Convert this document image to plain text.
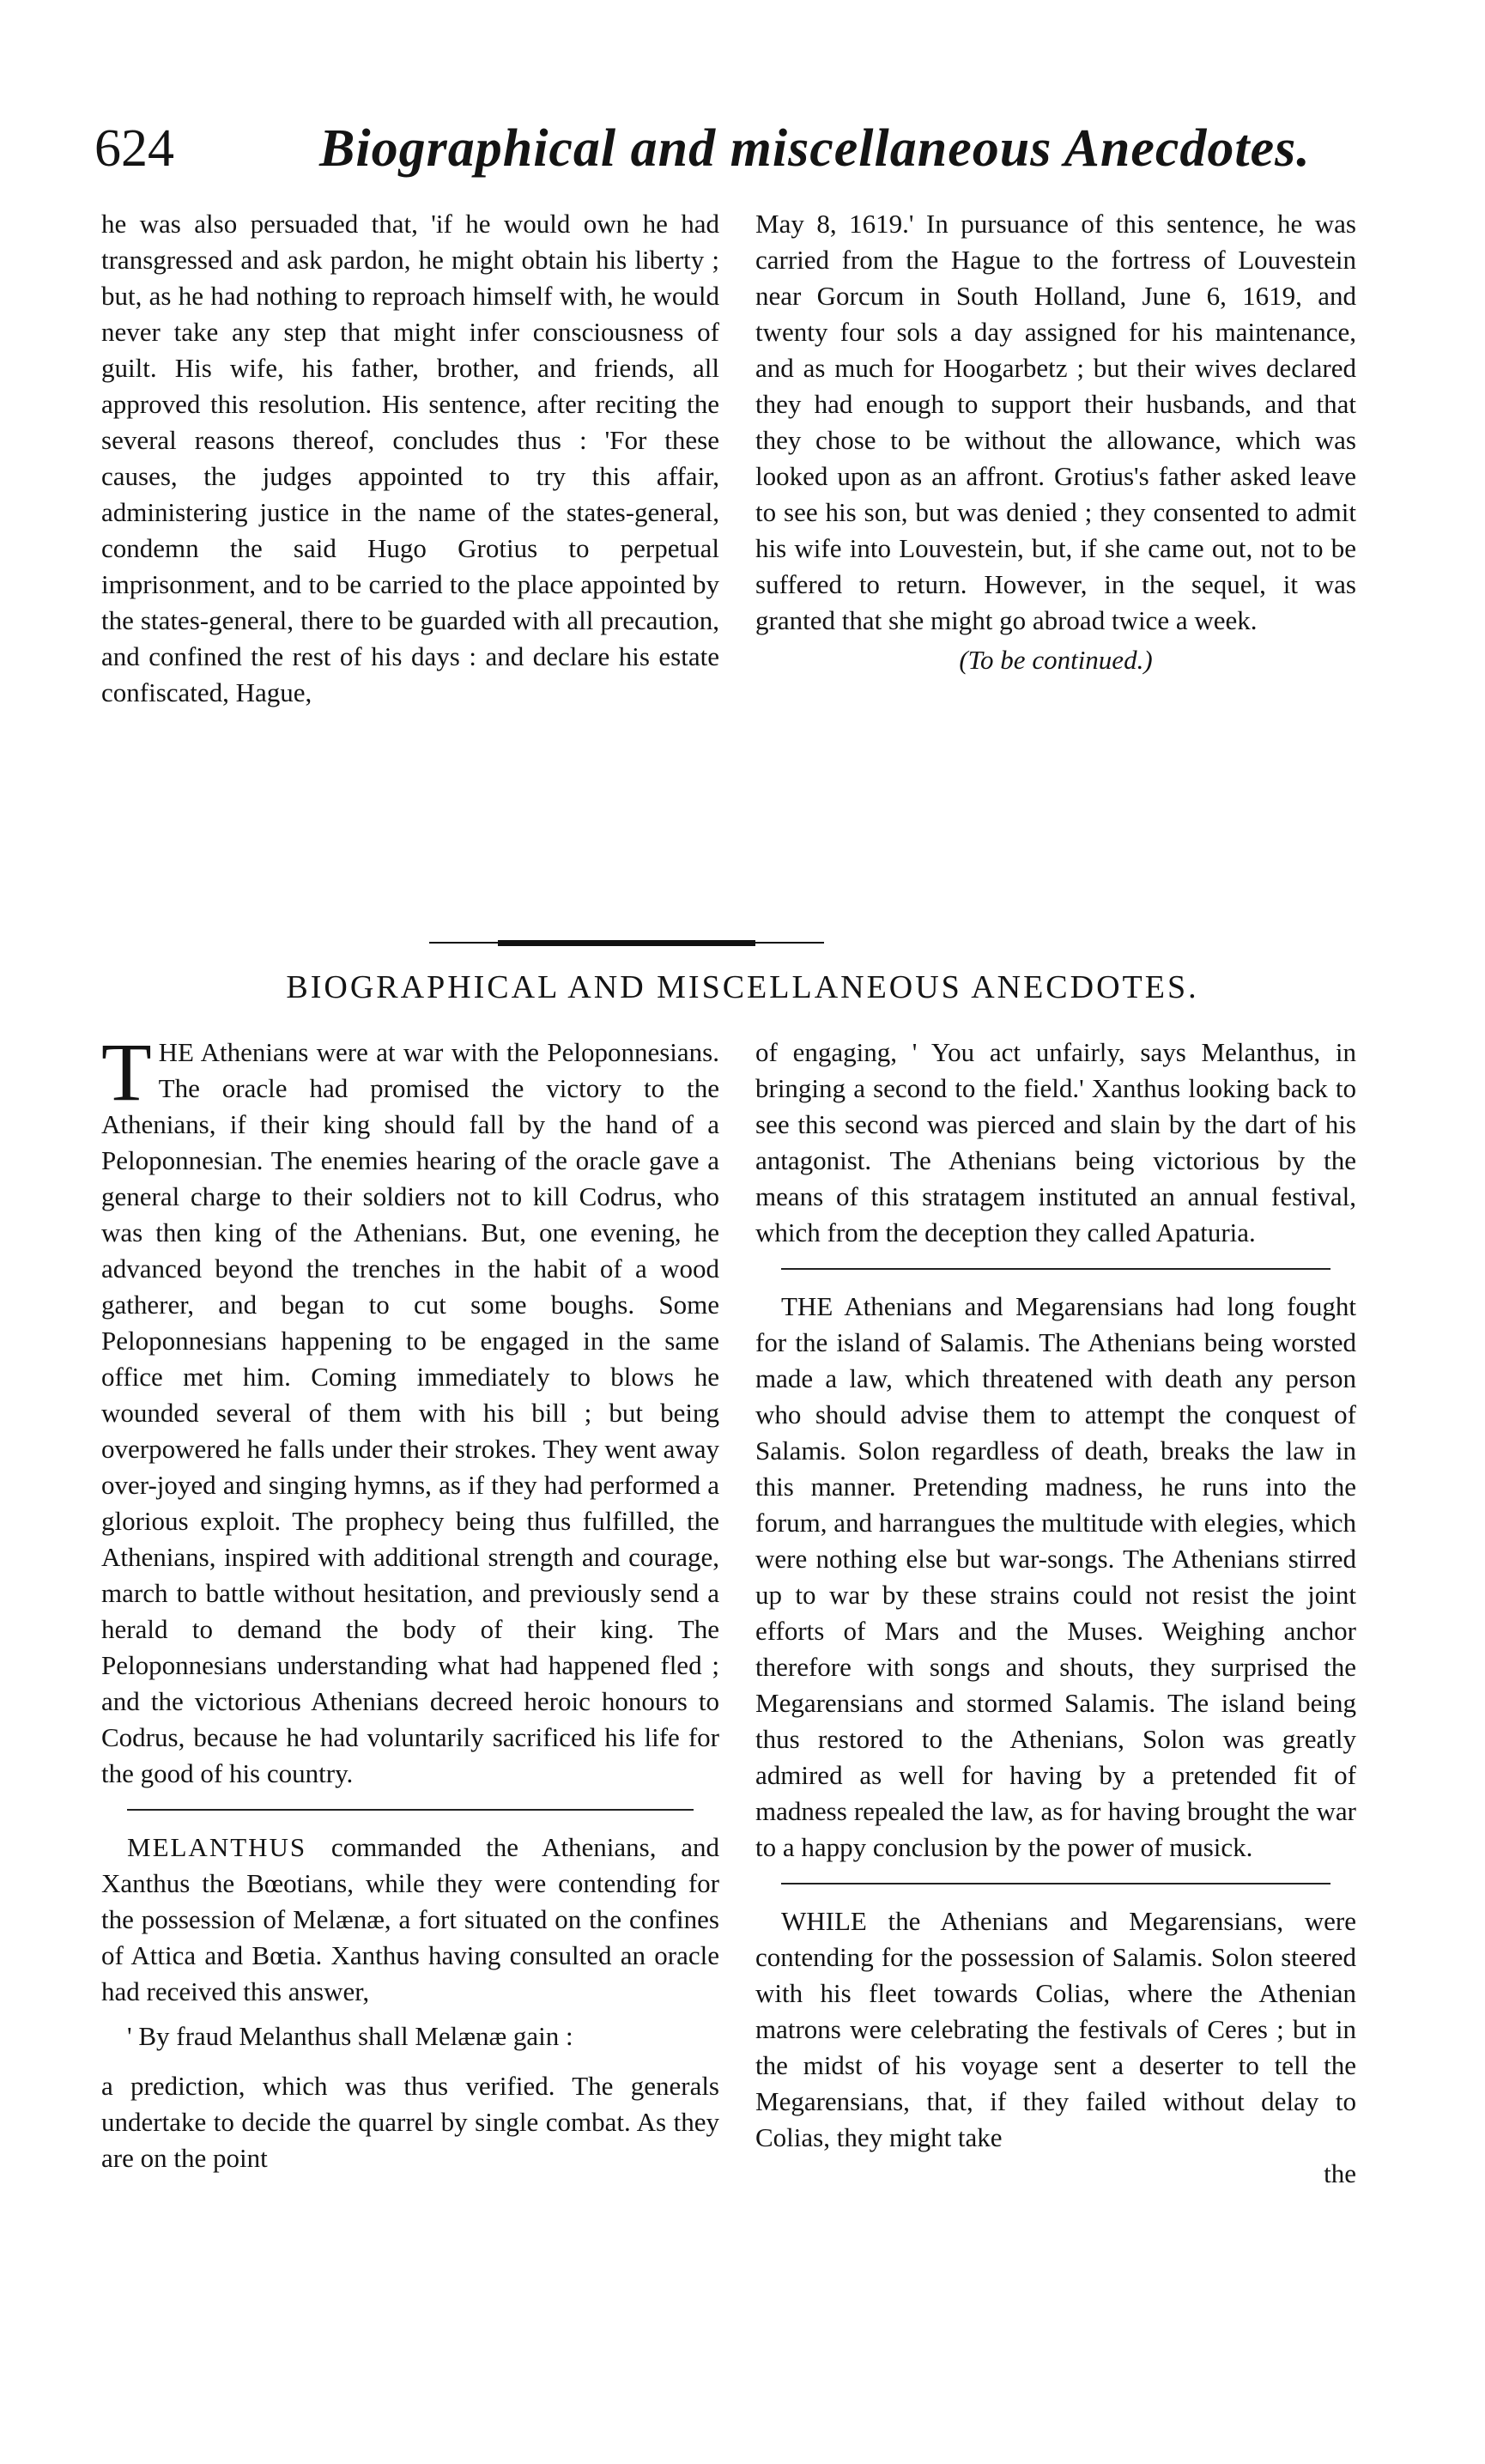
624	Biographical and miscellaneous Anecdotes.

he was also persuaded that, 'if he would own he had transgressed and ask pardon, he might obtain his liberty ; but, as he had nothing to reproach himself with, he would never take any step that might infer consciousness of guilt. His wife, his father, brother, and friends, all approved this resolution. His sentence, after reciting the several reasons thereof, concludes thus : 'For these causes, the judges appointed to try this affair, administering justice in the name of the states-general, condemn the said Hugo Grotius to perpetual imprisonment, and to be carried to the place appointed by the states-general, there to be guarded with all precaution, and confined the rest of his days : and declare his estate confiscated, Hague,

May 8, 1619.' In pursuance of this sentence, he was carried from the Hague to the fortress of Louvestein near Gorcum in South Holland, June 6, 1619, and twenty four sols a day assigned for his maintenance, and as much for Hoogarbetz ; but their wives declared they had enough to support their husbands, and that they chose to be without the allowance, which was looked upon as an affront. Grotius's father asked leave to see his son, but was denied ; they consented to admit his wife into Louvestein, but, if she came out, not to be suffered to return. However, in the sequel, it was granted that she might go abroad twice a week.

(To be continued.)

BIOGRAPHICAL AND MISCELLANEOUS ANECDOTES.

THE Athenians were at war with the Peloponnesians. The oracle had promised the victory to the Athenians, if their king should fall by the hand of a Peloponnesian. The enemies hearing of the oracle gave a general charge to their soldiers not to kill Codrus, who was then king of the Athenians. But, one evening, he advanced beyond the trenches in the habit of a wood gatherer, and began to cut some boughs. Some Peloponnesians happening to be engaged in the same office met him. Coming immediately to blows he wounded several of them with his bill ; but being overpowered he falls under their strokes. They went away over-joyed and singing hymns, as if they had performed a glorious exploit. The prophecy being thus fulfilled, the Athenians, inspired with additional strength and courage, march to battle without hesitation, and previously send a herald to demand the body of their king. The Peloponnesians understanding what had happened fled ; and the victorious Athenians decreed heroic honours to Codrus, because he had voluntarily sacrificed his life for the good of his country.

MELANTHUS commanded the Athenians, and Xanthus the Bœotians, while they were contending for the possession of Melænæ, a fort situated on the confines of Attica and Bœtia. Xanthus having consulted an oracle had received this answer,

' By fraud Melanthus shall Melænæ gain :

a prediction, which was thus verified. The generals undertake to decide the quarrel by single combat. As they are on the point

of engaging, ' You act unfairly, says Melanthus, in bringing a second to the field.' Xanthus looking back to see this second was pierced and slain by the dart of his antagonist. The Athenians being victorious by the means of this stratagem instituted an annual festival, which from the deception they called Apaturia.

THE Athenians and Megarensians had long fought for the island of Salamis. The Athenians being worsted made a law, which threatened with death any person who should advise them to attempt the conquest of Salamis. Solon regardless of death, breaks the law in this manner. Pretending madness, he runs into the forum, and harrangues the multitude with elegies, which were nothing else but war-songs. The Athenians stirred up to war by these strains could not resist the joint efforts of Mars and the Muses. Weighing anchor therefore with songs and shouts, they surprised the Megarensians and stormed Salamis. The island being thus restored to the Athenians, Solon was greatly admired as well for having by a pretended fit of madness repealed the law, as for having brought the war to a happy conclusion by the power of musick.

WHILE the Athenians and Megarensians, were contending for the possession of Salamis. Solon steered with his fleet towards Colias, where the Athenian matrons were celebrating the festivals of Ceres ; but in the midst of his voyage sent a deserter to tell the Megarensians, that, if they failed without delay to Colias, they might take

the
